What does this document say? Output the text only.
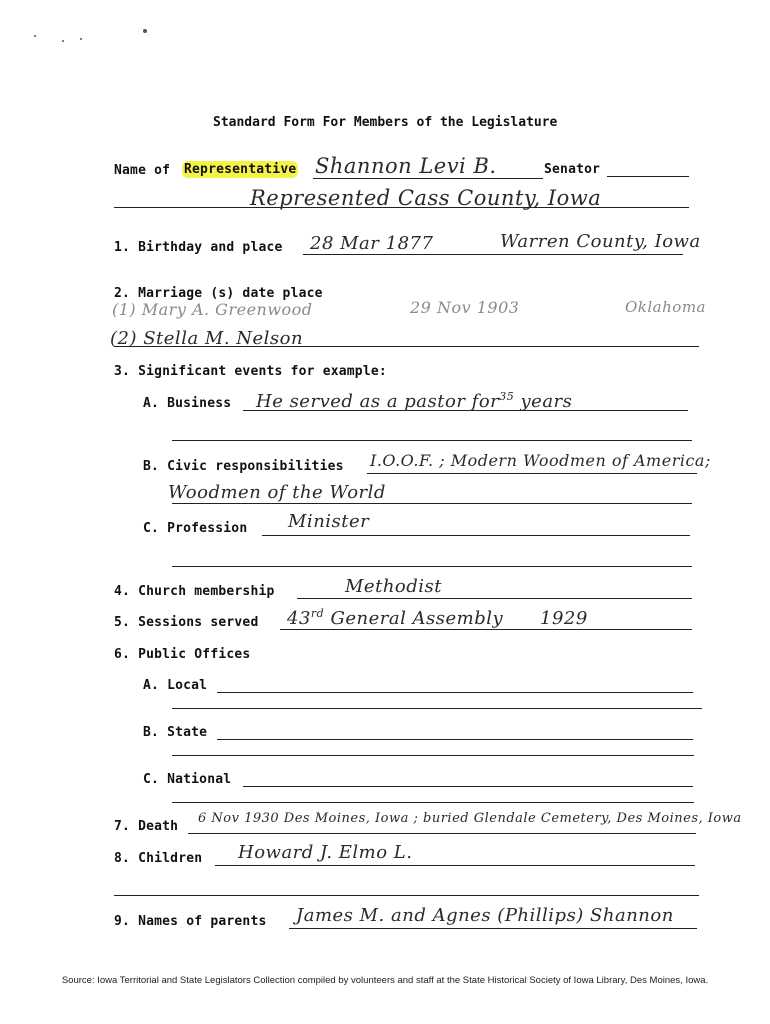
Standard Form For Members of the Legislature
Name of Representative Shannon Levi B.	Senator
Represented Cass County, Iowa
1. Birthday and place 28 Mar 1877	Warren County, Iowa
2. Marriage (s) date place
(1) Mary A. Greenwood	29 Nov 1903	Oklahoma
(2) Stella M. Nelson
3. Significant events for example:
A. Business He served as a pastor for$^{35}$ years
B. Civic responsibilities I.O.O.F. ; Modern Woodmen of America;
Woodmen of the World
C. Profession Minister
4. Church membership	Methodist
5. Sessions served 43rd General Assembly 1929
6. Public Offices
A. Local
B. State
C. National
7. Death
6 Nov 1930 Des Moines, Iowa ; buried Glendale Cemetery, Des Moines, Iowa
8. Children Howard J. Elmo L.
9. Names of parents James M. and Agnes (Phillips) Shannon
Source: Iowa Territorial and State Legislators Collection compiled by volunteers and staff at the State Historical Society of Iowa Library, Des Moines, Iowa.
